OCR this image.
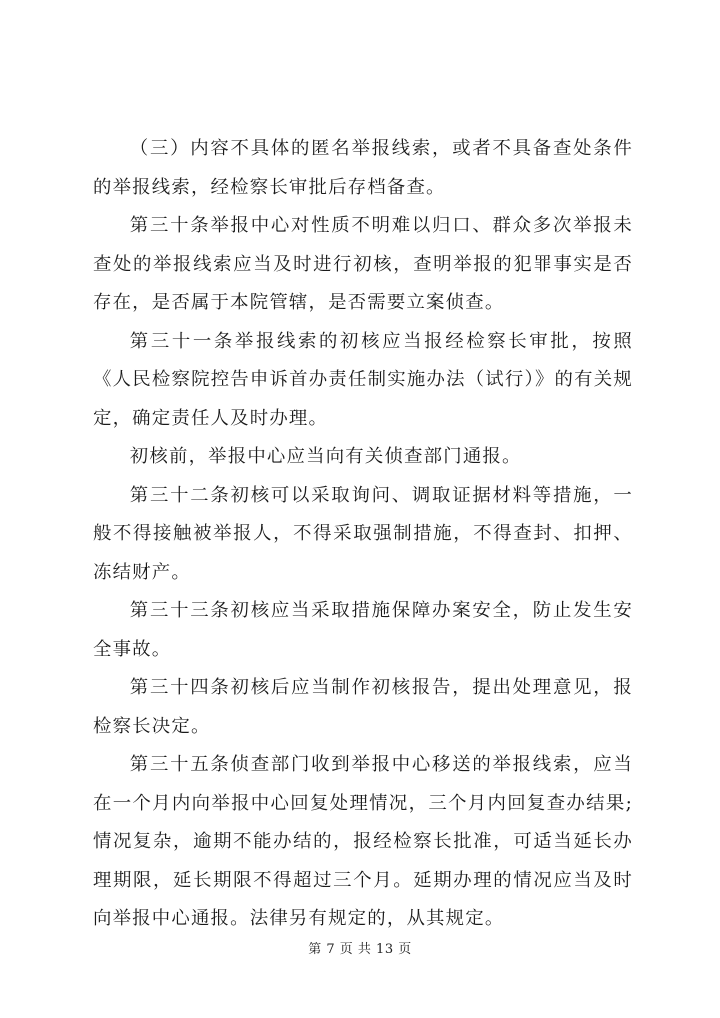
（三）内容不具体的匿名举报线索，或者不具备查处条件的举报线索，经检察长审批后存档备查。

第三十条举报中心对性质不明难以归口、群众多次举报未查处的举报线索应当及时进行初核，查明举报的犯罪事实是否存在，是否属于本院管辖，是否需要立案侦查。

第三十一条举报线索的初核应当报经检察长审批，按照《人民检察院控告申诉首办责任制实施办法（试行）》的有关规定，确定责任人及时办理。

初核前，举报中心应当向有关侦查部门通报。

第三十二条初核可以采取询问、调取证据材料等措施，一般不得接触被举报人，不得采取强制措施，不得查封、扣押、冻结财产。

第三十三条初核应当采取措施保障办案安全，防止发生安全事故。

第三十四条初核后应当制作初核报告，提出处理意见，报检察长决定。

第三十五条侦查部门收到举报中心移送的举报线索，应当在一个月内向举报中心回复处理情况，三个月内回复查办结果;情况复杂，逾期不能办结的，报经检察长批准，可适当延长办理期限，延长期限不得超过三个月。延期办理的情况应当及时向举报中心通报。法律另有规定的，从其规定。

第 7 页 共 13 页
